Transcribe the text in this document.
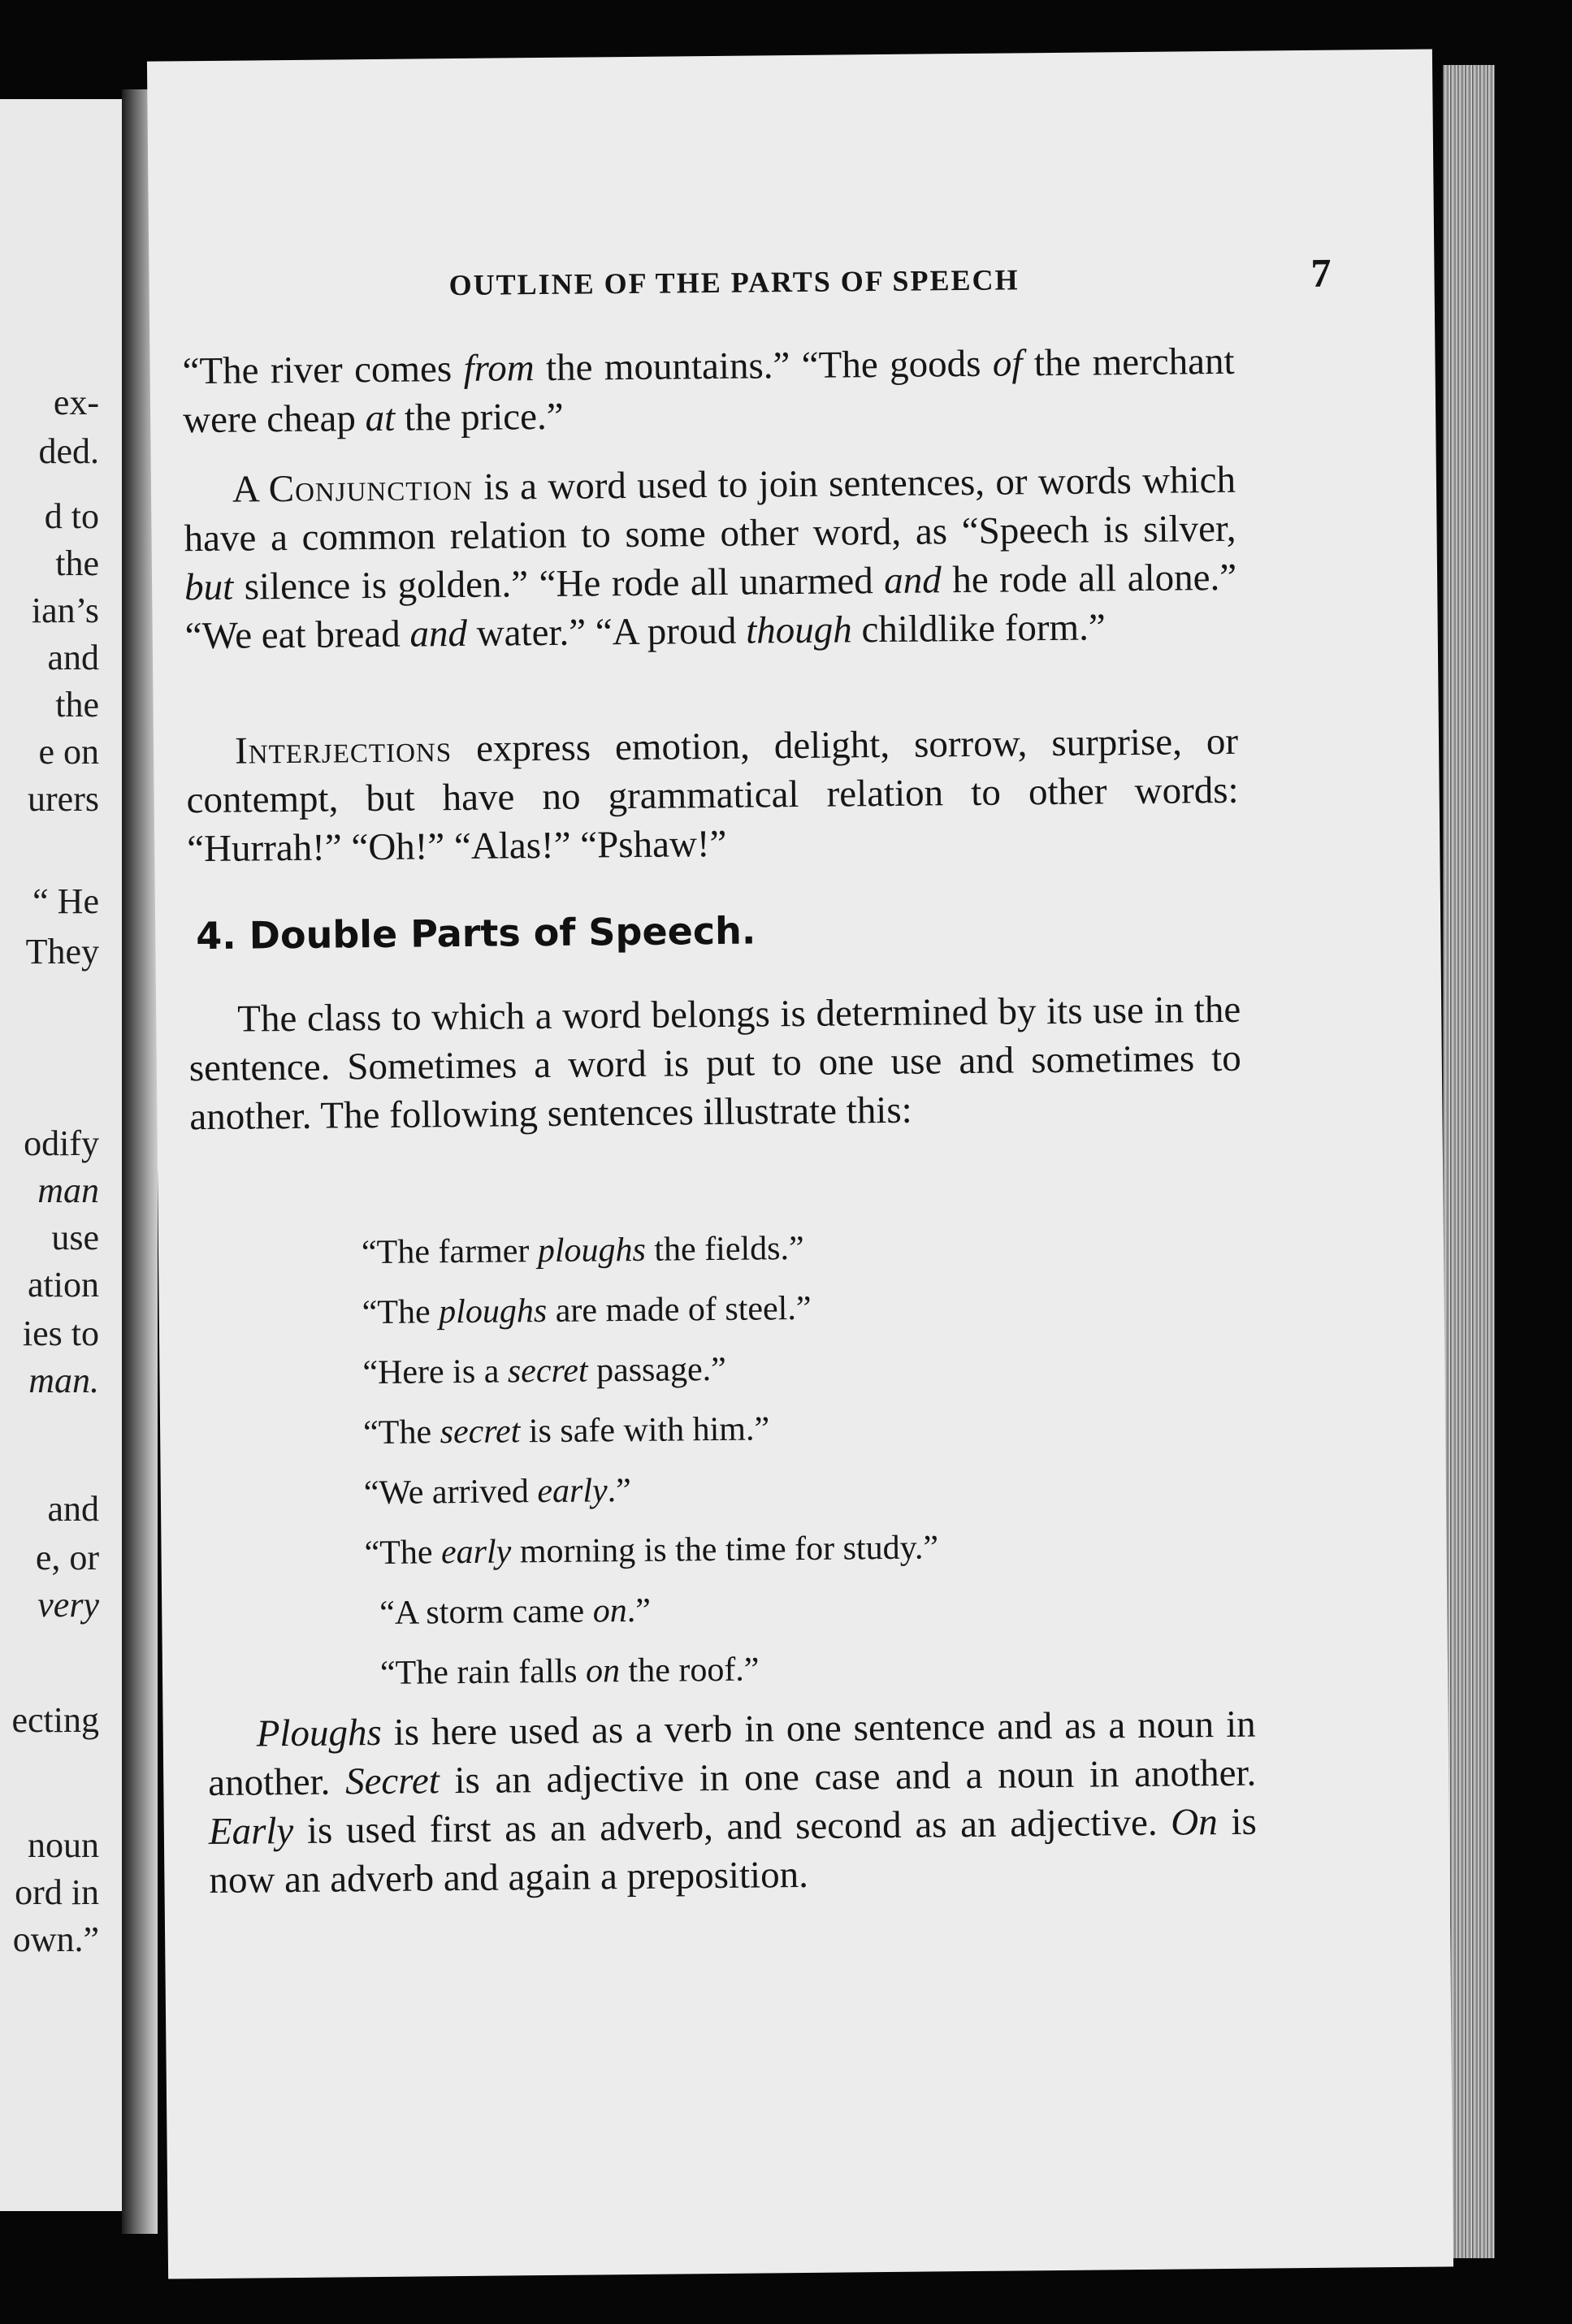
ex-
ded.
d to
the
ian’s
and
the
e on
urers
“ He
They
odify
man
use
ation
ies to
man.
and
e, or
very
ecting
noun
ord in
own.”
OUTLINE OF THE PARTS OF SPEECH	7

“The river comes from the mountains.” “The goods of the merchant were cheap at the price.”

A Conjunction is a word used to join sentences, or words which have a common relation to some other word, as “Speech is silver, but silence is golden.” “He rode all unarmed and he rode all alone.” “We eat bread and water.” “A proud though childlike form.”

Interjections express emotion, delight, sorrow, surprise, or contempt, but have no grammatical relation to other words: “Hurrah!” “Oh!” “Alas!” “Pshaw!”

4. Double Parts of Speech.

The class to which a word belongs is determined by its use in the sentence. Sometimes a word is put to one use and sometimes to another. The following sentences illustrate this:

“The farmer ploughs the fields.”
“The ploughs are made of steel.”
“Here is a secret passage.”
“The secret is safe with him.”
“We arrived early.”
“The early morning is the time for study.”
“A storm came on.”
“The rain falls on the roof.”

Ploughs is here used as a verb in one sentence and as a noun in another. Secret is an adjective in one case and a noun in another. Early is used first as an adverb, and second as an adjective. On is now an adverb and again a preposition.
